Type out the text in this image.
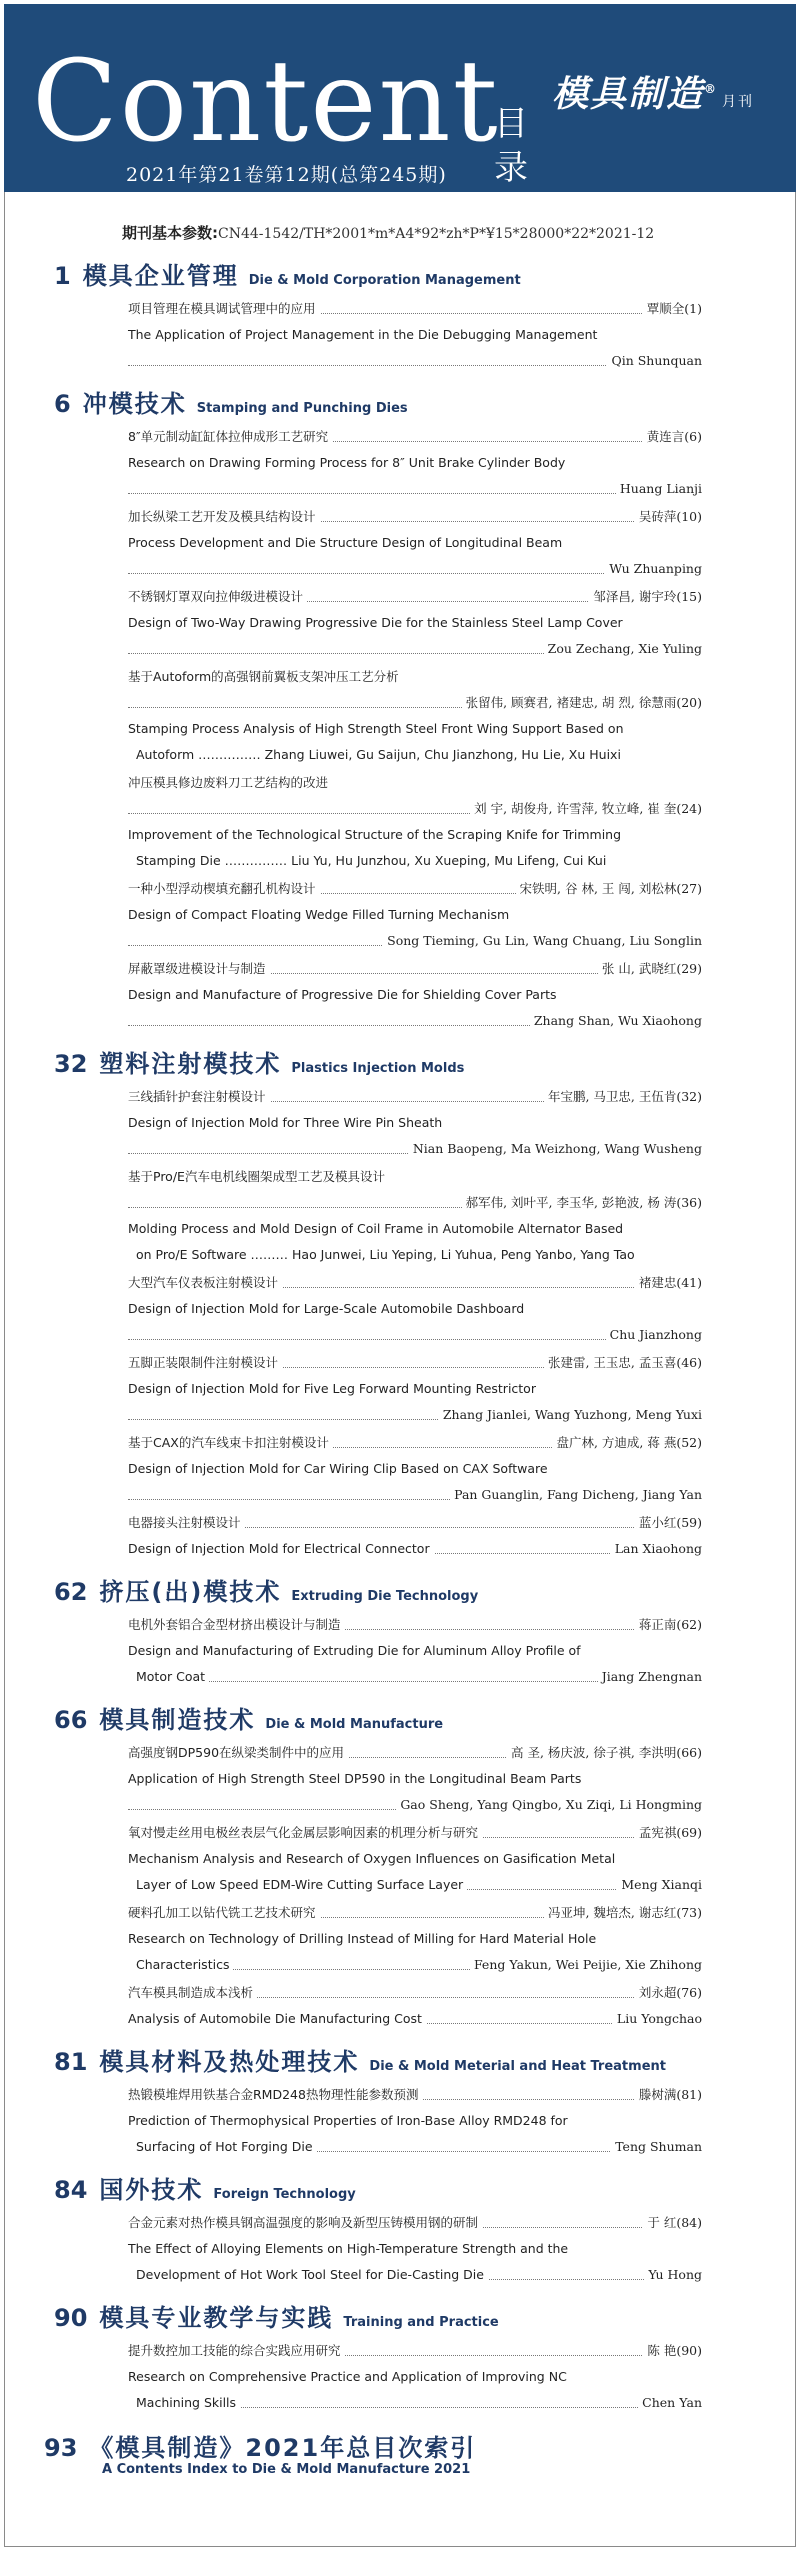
Content
目录
2021年第21卷第12期(总第245期)
模具制造®月刊
期刊基本参数:CN44-1542/TH*2001*m*A4*92*zh*P*¥15*28000*22*2021-12
1 模具企业管理 Die & Mold Corporation Management
项目管理在模具调试管理中的应用	覃顺全(1)
The Application of Project Management in the Die Debugging Management
Qin Shunquan
6 冲模技术 Stamping and Punching Dies
8″单元制动缸缸体拉伸成形工艺研究	黄连言(6)
Research on Drawing Forming Process for 8″ Unit Brake Cylinder Body
Huang Lianji
加长纵梁工艺开发及模具结构设计	吴砖萍(10)
Process Development and Die Structure Design of Longitudinal Beam
Wu Zhuanping
不锈钢灯罩双向拉伸级进模设计	邹泽昌, 谢宇玲(15)
Design of Two-Way Drawing Progressive Die for the Stainless Steel Lamp Cover
Zou Zechang, Xie Yuling
基于Autoform的高强钢前翼板支架冲压工艺分析
张留伟, 顾赛君, 褚建忠, 胡 烈, 徐慧雨(20)
Stamping Process Analysis of High Strength Steel Front Wing Support Based on
Autoform …………… Zhang Liuwei, Gu Saijun, Chu Jianzhong, Hu Lie, Xu Huixi
冲压模具修边废料刀工艺结构的改进
刘 宇, 胡俊舟, 许雪萍, 牧立峰, 崔 奎(24)
Improvement of the Technological Structure of the Scraping Knife for Trimming
Stamping Die …………… Liu Yu, Hu Junzhou, Xu Xueping, Mu Lifeng, Cui Kui
一种小型浮动楔填充翻孔机构设计	宋铁明, 谷 林, 王 闯, 刘松林(27)
Design of Compact Floating Wedge Filled Turning Mechanism
Song Tieming, Gu Lin, Wang Chuang, Liu Songlin
屏蔽罩级进模设计与制造	张 山, 武晓红(29)
Design and Manufacture of Progressive Die for Shielding Cover Parts
Zhang Shan, Wu Xiaohong
32 塑料注射模技术 Plastics Injection Molds
三线插针护套注射模设计	年宝鹏, 马卫忠, 王伍肯(32)
Design of Injection Mold for Three Wire Pin Sheath
Nian Baopeng, Ma Weizhong, Wang Wusheng
基于Pro/E汽车电机线圈架成型工艺及模具设计
郝军伟, 刘叶平, 李玉华, 彭艳波, 杨 涛(36)
Molding Process and Mold Design of Coil Frame in Automobile Alternator Based
on Pro/E Software ……… Hao Junwei, Liu Yeping, Li Yuhua, Peng Yanbo, Yang Tao
大型汽车仪表板注射模设计	褚建忠(41)
Design of Injection Mold for Large-Scale Automobile Dashboard
Chu Jianzhong
五脚正装限制件注射模设计	张建雷, 王玉忠, 孟玉喜(46)
Design of Injection Mold for Five Leg Forward Mounting Restrictor
Zhang Jianlei, Wang Yuzhong, Meng Yuxi
基于CAX的汽车线束卡扣注射模设计	盘广林, 方迪成, 蒋 燕(52)
Design of Injection Mold for Car Wiring Clip Based on CAX Software
Pan Guanglin, Fang Dicheng, Jiang Yan
电器接头注射模设计	蓝小红(59)
Design of Injection Mold for Electrical Connector	Lan Xiaohong
62 挤压(出)模技术 Extruding Die Technology
电机外套铝合金型材挤出模设计与制造	蒋正南(62)
Design and Manufacturing of Extruding Die for Aluminum Alloy Profile of
Motor Coat	Jiang Zhengnan
66 模具制造技术 Die & Mold Manufacture
高强度钢DP590在纵梁类制件中的应用	高 圣, 杨庆波, 徐子祺, 李洪明(66)
Application of High Strength Steel DP590 in the Longitudinal Beam Parts
Gao Sheng, Yang Qingbo, Xu Ziqi, Li Hongming
氧对慢走丝用电极丝表层气化金属层影响因素的机理分析与研究	孟宪祺(69)
Mechanism Analysis and Research of Oxygen Influences on Gasification Metal
Layer of Low Speed EDM-Wire Cutting Surface Layer	Meng Xianqi
硬料孔加工以钻代铣工艺技术研究	冯亚坤, 魏培杰, 谢志红(73)
Research on Technology of Drilling Instead of Milling for Hard Material Hole
Characteristics	Feng Yakun, Wei Peijie, Xie Zhihong
汽车模具制造成本浅析	刘永超(76)
Analysis of Automobile Die Manufacturing Cost	Liu Yongchao
81 模具材料及热处理技术 Die & Mold Meterial and Heat Treatment
热锻模堆焊用铁基合金RMD248热物理性能参数预测	滕树满(81)
Prediction of Thermophysical Properties of Iron-Base Alloy RMD248 for
Surfacing of Hot Forging Die	Teng Shuman
84 国外技术 Foreign Technology
合金元素对热作模具钢高温强度的影响及新型压铸模用钢的研制	于 红(84)
The Effect of Alloying Elements on High-Temperature Strength and the
Development of Hot Work Tool Steel for Die-Casting Die	Yu Hong
90 模具专业教学与实践 Training and Practice
提升数控加工技能的综合实践应用研究	陈 艳(90)
Research on Comprehensive Practice and Application of Improving NC
Machining Skills	Chen Yan
93 《模具制造》2021年总目次索引
A Contents Index to Die & Mold Manufacture 2021
